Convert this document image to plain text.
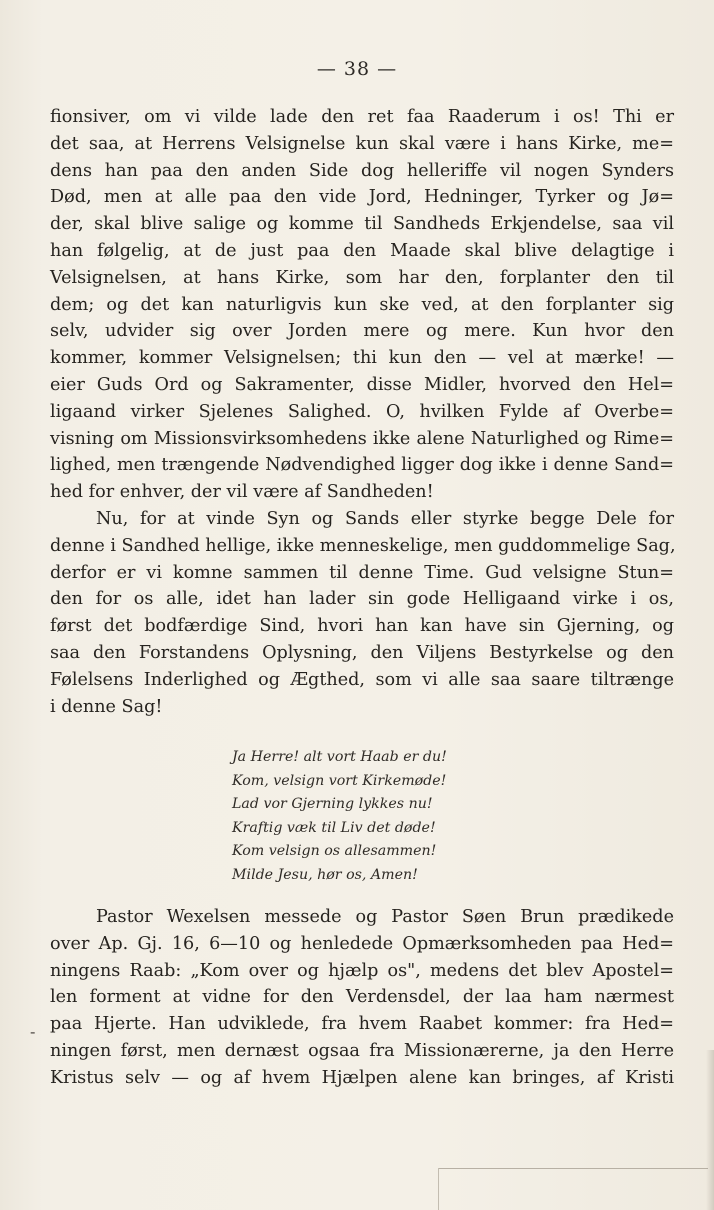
— 38 —
fionsiver, om vi vilde lade den ret faa Raaderum i os! Thi er
det saa, at Herrens Velsignelse kun skal være i hans Kirke, me=
dens han paa den anden Side dog helleriffe vil nogen Synders
Død, men at alle paa den vide Jord, Hedninger, Tyrker og Jø=
der, skal blive salige og komme til Sandheds Erkjendelse, saa vil
han følgelig, at de just paa den Maade skal blive delagtige i
Velsignelsen, at hans Kirke, som har den, forplanter den til
dem; og det kan naturligvis kun ske ved, at den forplanter sig
selv, udvider sig over Jorden mere og mere. Kun hvor den
kommer, kommer Velsignelsen; thi kun den — vel at mærke! —
eier Guds Ord og Sakramenter, disse Midler, hvorved den Hel=
ligaand virker Sjelenes Salighed. O, hvilken Fylde af Overbe=
visning om Missionsvirksomhedens ikke alene Naturlighed og Rime=
lighed, men trængende Nødvendighed ligger dog ikke i denne Sand=
hed for enhver, der vil være af Sandheden!
Nu, for at vinde Syn og Sands eller styrke begge Dele for
denne i Sandhed hellige, ikke menneskelige, men guddommelige Sag,
derfor er vi komne sammen til denne Time. Gud velsigne Stun=
den for os alle, idet han lader sin gode Helligaand virke i os,
først det bodfærdige Sind, hvori han kan have sin Gjerning, og
saa den Forstandens Oplysning, den Viljens Bestyrkelse og den
Følelsens Inderlighed og Ægthed, som vi alle saa saare tiltrænge
i denne Sag!
Ja Herre! alt vort Haab er du!
Kom, velsign vort Kirkemøde!
Lad vor Gjerning lykkes nu!
Kraftig væk til Liv det døde!
Kom velsign os allesammen!
Milde Jesu, hør os, Amen!
Pastor Wexelsen messede og Pastor Søen Brun prædikede
over Ap. Gj. 16, 6—10 og henledede Opmærksomheden paa Hed=
ningens Raab: „Kom over og hjælp os", medens det blev Apostel=
len forment at vidne for den Verdensdel, der laa ham nærmest
paa Hjerte. Han udviklede, fra hvem Raabet kommer: fra Hed=
ningen først, men dernæst ogsaa fra Missionærerne, ja den Herre
Kristus selv — og af hvem Hjælpen alene kan bringes, af Kristi
-
